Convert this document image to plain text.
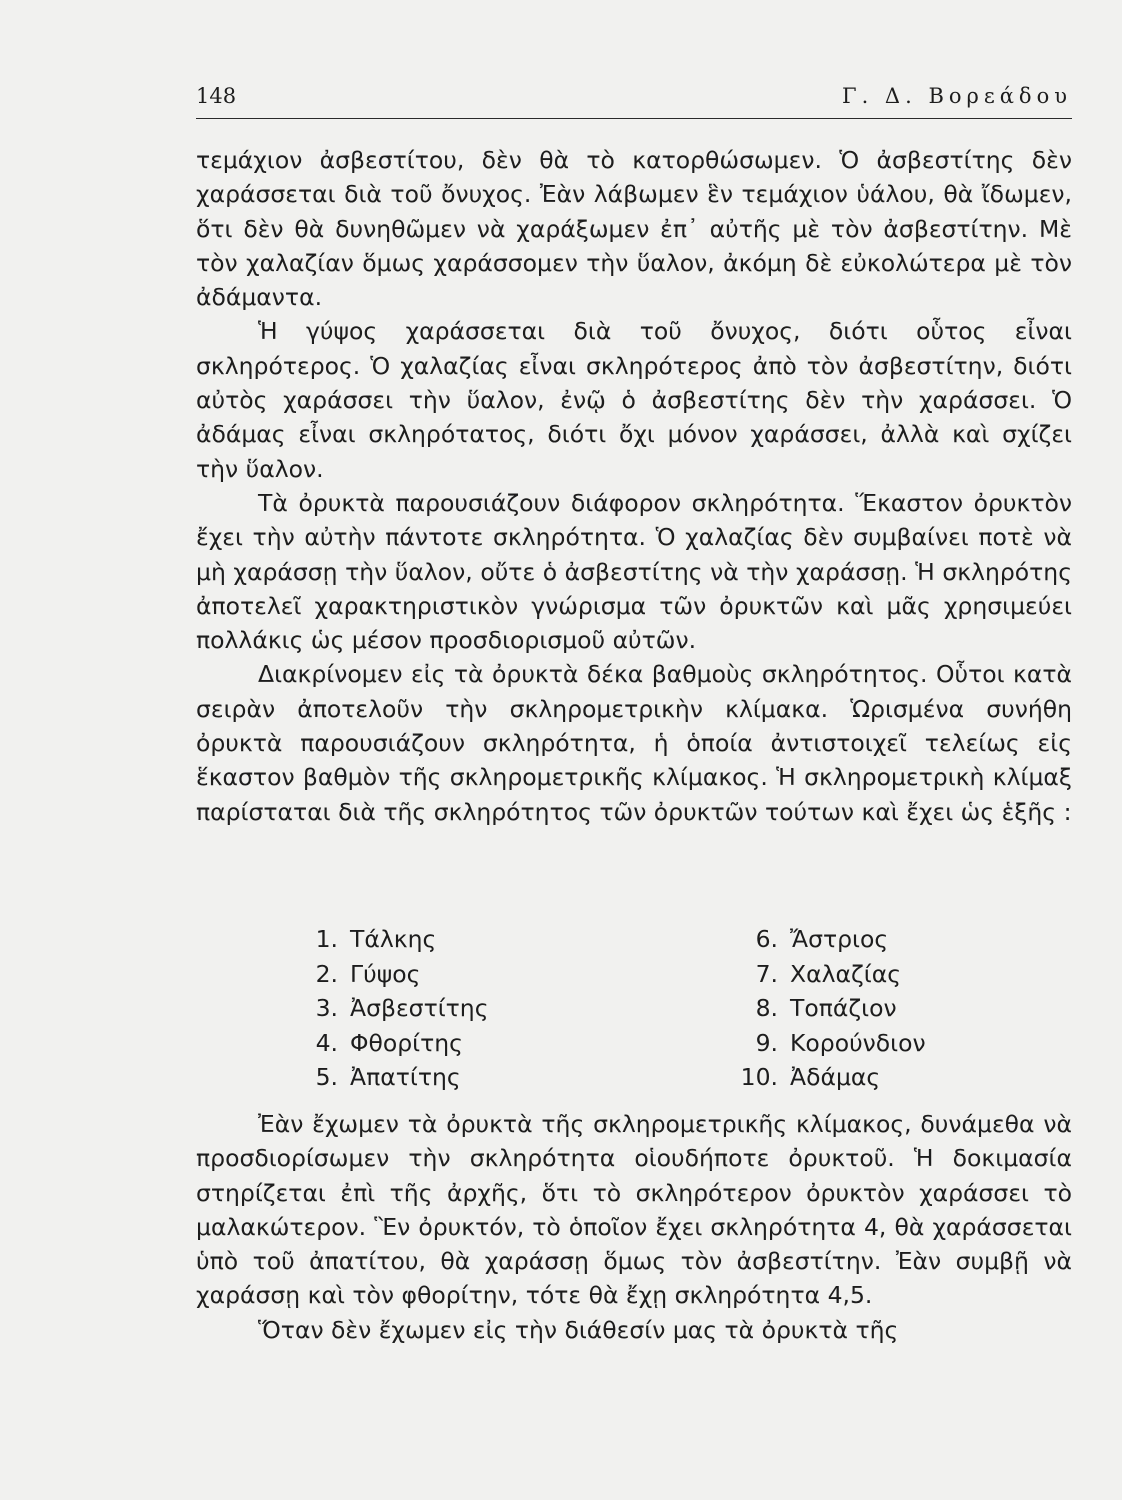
148	Γ. Δ. Βορεάδου

τεμάχιον ἀσβεστίτου, δὲν θὰ τὸ κατορθώσωμεν. Ὁ ἀσβεστίτης δὲν χαράσσεται διὰ τοῦ ὄνυχος. Ἐὰν λάβωμεν ἓν τεμάχιον ὑάλου, θὰ ἴδωμεν, ὅτι δὲν θὰ δυνηθῶμεν νὰ χαράξωμεν ἐπ᾿ αὐτῆς μὲ τὸν ἀσβεστίτην. Μὲ τὸν χαλαζίαν ὅμως χαράσσομεν τὴν ὕαλον, ἀκόμη δὲ εὐκολώτερα μὲ τὸν ἀδάμαντα.

Ἡ γύψος χαράσσεται διὰ τοῦ ὄνυχος, διότι οὗτος εἶναι σκληρότερος. Ὁ χαλαζίας εἶναι σκληρότερος ἀπὸ τὸν ἀσβεστίτην, διότι αὐτὸς χαράσσει τὴν ὕαλον, ἐνῷ ὁ ἀσβεστίτης δὲν τὴν χαράσσει. Ὁ ἀδάμας εἶναι σκληρότατος, διότι ὄχι μόνον χαράσσει, ἀλλὰ καὶ σχίζει τὴν ὕαλον.

Τὰ ὀρυκτὰ παρουσιάζουν διάφορον σκληρότητα. Ἕκαστον ὀρυκτὸν ἔχει τὴν αὐτὴν πάντοτε σκληρότητα. Ὁ χαλαζίας δὲν συμβαίνει ποτὲ νὰ μὴ χαράσσῃ τὴν ὕαλον, οὔτε ὁ ἀσβεστίτης νὰ τὴν χαράσσῃ. Ἡ σκληρότης ἀποτελεῖ χαρακτηριστικὸν γνώρισμα τῶν ὀρυκτῶν καὶ μᾶς χρησιμεύει πολλάκις ὡς μέσον προσδιορισμοῦ αὐτῶν.

Διακρίνομεν εἰς τὰ ὀρυκτὰ δέκα βαθμοὺς σκληρότητος. Οὗτοι κατὰ σειρὰν ἀποτελοῦν τὴν σκληρομετρικὴν κλίμακα. Ὡρισμένα συνήθη ὀρυκτὰ παρουσιάζουν σκληρότητα, ἡ ὁποία ἀντιστοιχεῖ τελείως εἰς ἕκαστον βαθμὸν τῆς σκληρομετρικῆς κλίμακος. Ἡ σκληρομετρικὴ κλίμαξ παρίσταται διὰ τῆς σκληρότητος τῶν ὀρυκτῶν τούτων καὶ ἔχει ὡς ἑξῆς :

1. Τάλκης
2. Γύψος
3. Ἀσβεστίτης
4. Φθορίτης
5. Ἀπατίτης
6. Ἄστριος
7. Χαλαζίας
8. Τοπάζιον
9. Κορούνδιον
10. Ἀδάμας

Ἐὰν ἔχωμεν τὰ ὀρυκτὰ τῆς σκληρομετρικῆς κλίμακος, δυνάμεθα νὰ προσδιορίσωμεν τὴν σκληρότητα οἱουδήποτε ὀρυκτοῦ. Ἡ δοκιμασία στηρίζεται ἐπὶ τῆς ἀρχῆς, ὅτι τὸ σκληρότερον ὀρυκτὸν χαράσσει τὸ μαλακώτερον. Ἓν ὀρυκτόν, τὸ ὁποῖον ἔχει σκληρότητα 4, θὰ χαράσσεται ὑπὸ τοῦ ἀπατίτου, θὰ χαράσσῃ ὅμως τὸν ἀσβεστίτην. Ἐὰν συμβῇ νὰ χαράσσῃ καὶ τὸν φθορίτην, τότε θὰ ἔχῃ σκληρότητα 4,5.

Ὅταν δὲν ἔχωμεν εἰς τὴν διάθεσίν μας τὰ ὀρυκτὰ τῆς
